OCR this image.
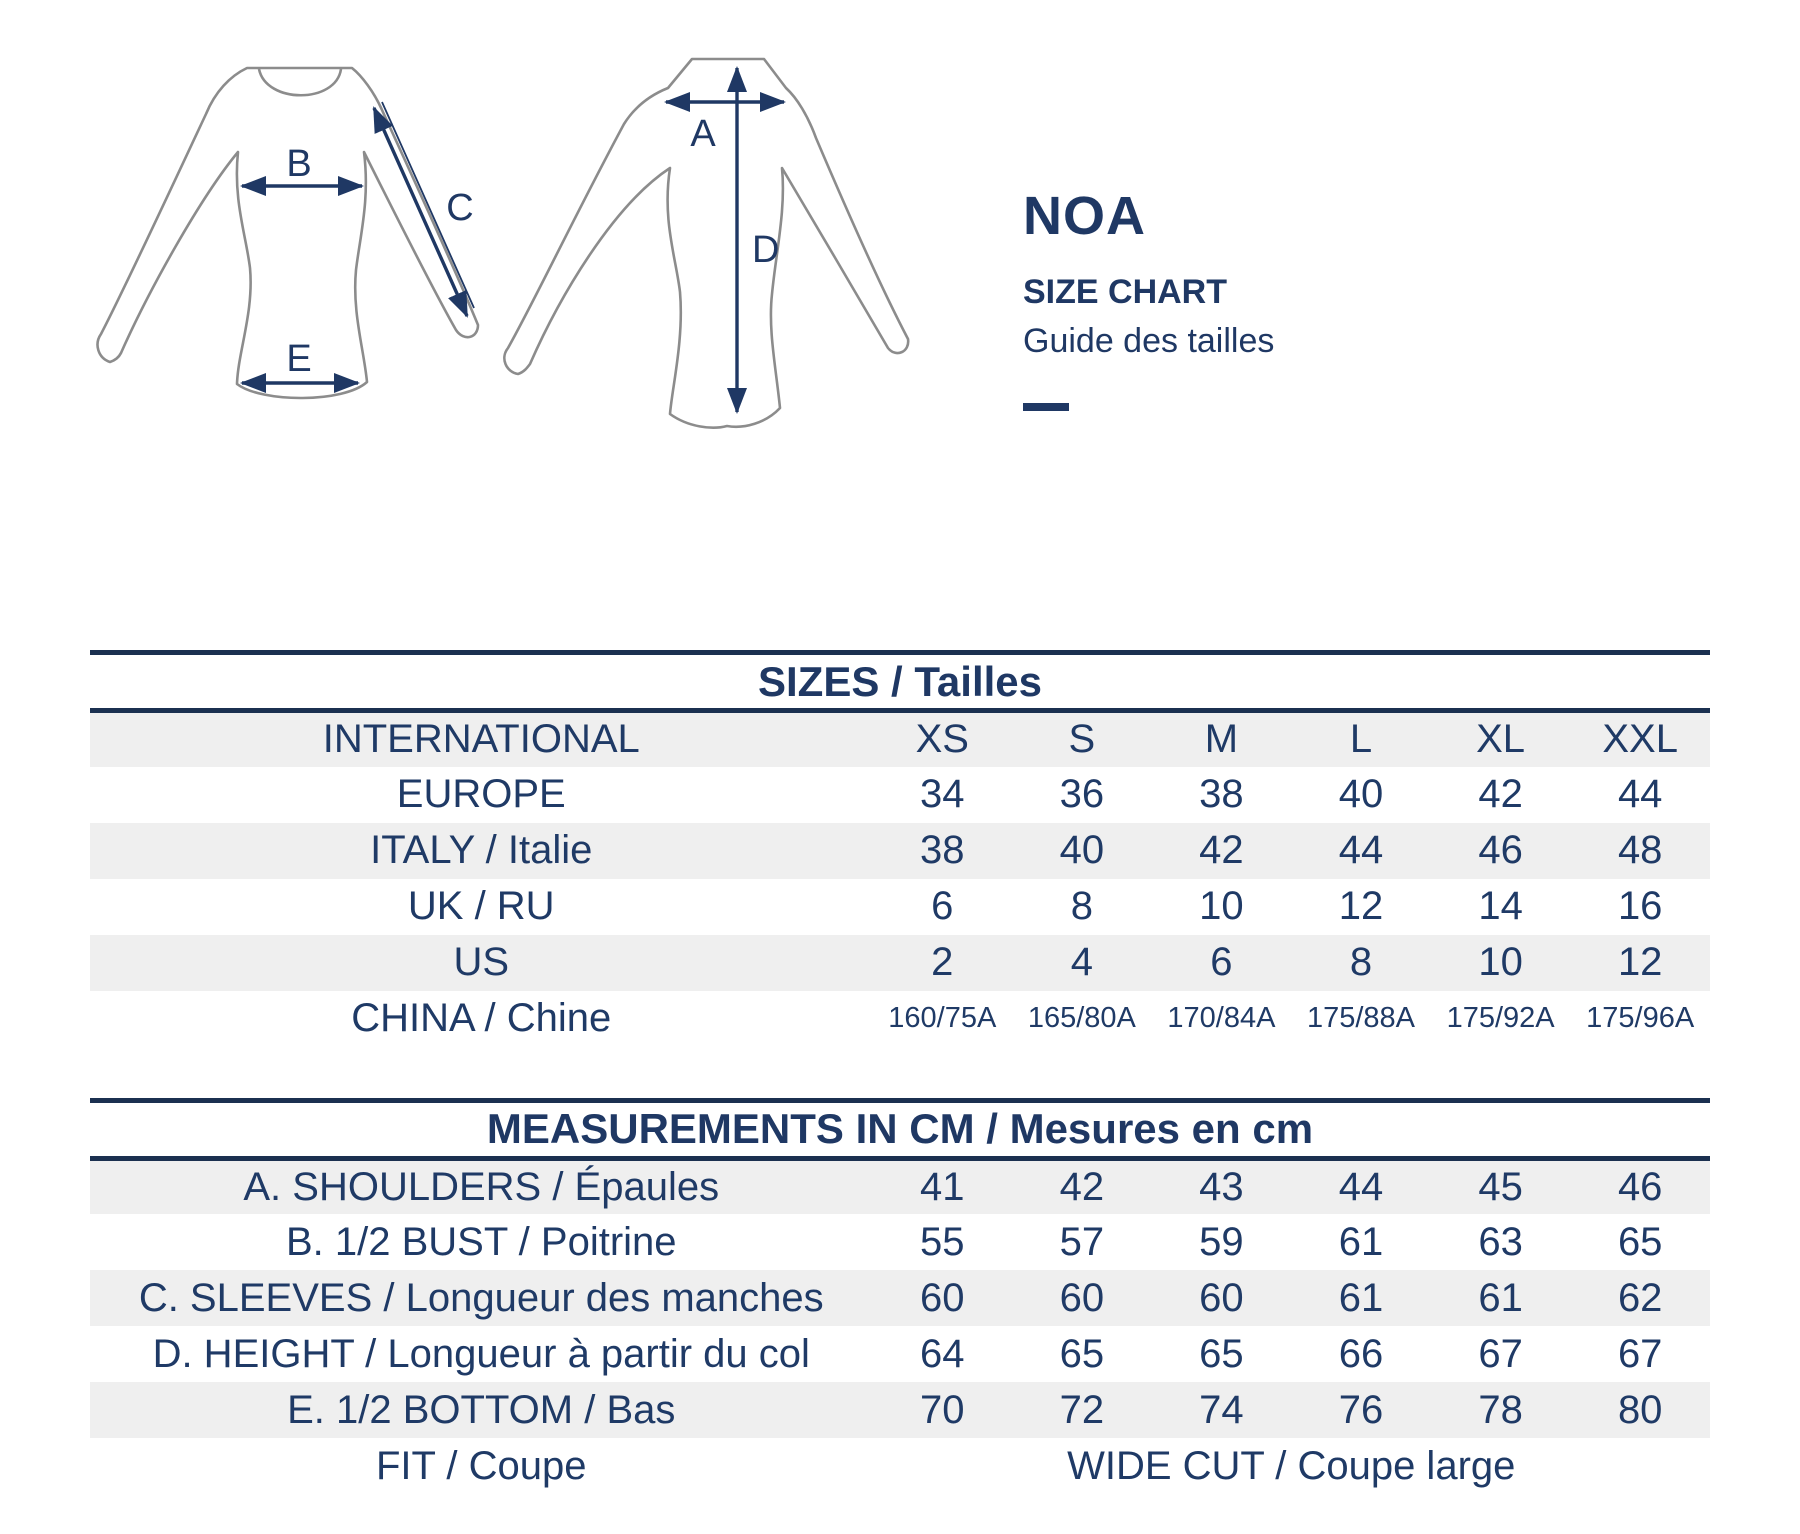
B
C
E
A
D
NOA
SIZE CHART
Guide des tailles
SIZES / Tailles						
INTERNATIONAL	XS	S	M	L	XL	XXL
EUROPE	34	36	38	40	42	44
ITALY / Italie	38	40	42	44	46	48
UK / RU	6	8	10	12	14	16
US	2	4	6	8	10	12
CHINA / Chine	160/75A	165/80A	170/84A	175/88A	175/92A	175/96A
MEASUREMENTS IN CM / Mesures en cm						
A. SHOULDERS / Épaules	41	42	43	44	45	46
B. 1/2 BUST / Poitrine	55	57	59	61	63	65
C. SLEEVES / Longueur des manches	60	60	60	61	61	62
D. HEIGHT / Longueur à partir du col	64	65	65	66	67	67
E. 1/2 BOTTOM / Bas	70	72	74	76	78	80
FIT / Coupe	WIDE CUT / Coupe large					
